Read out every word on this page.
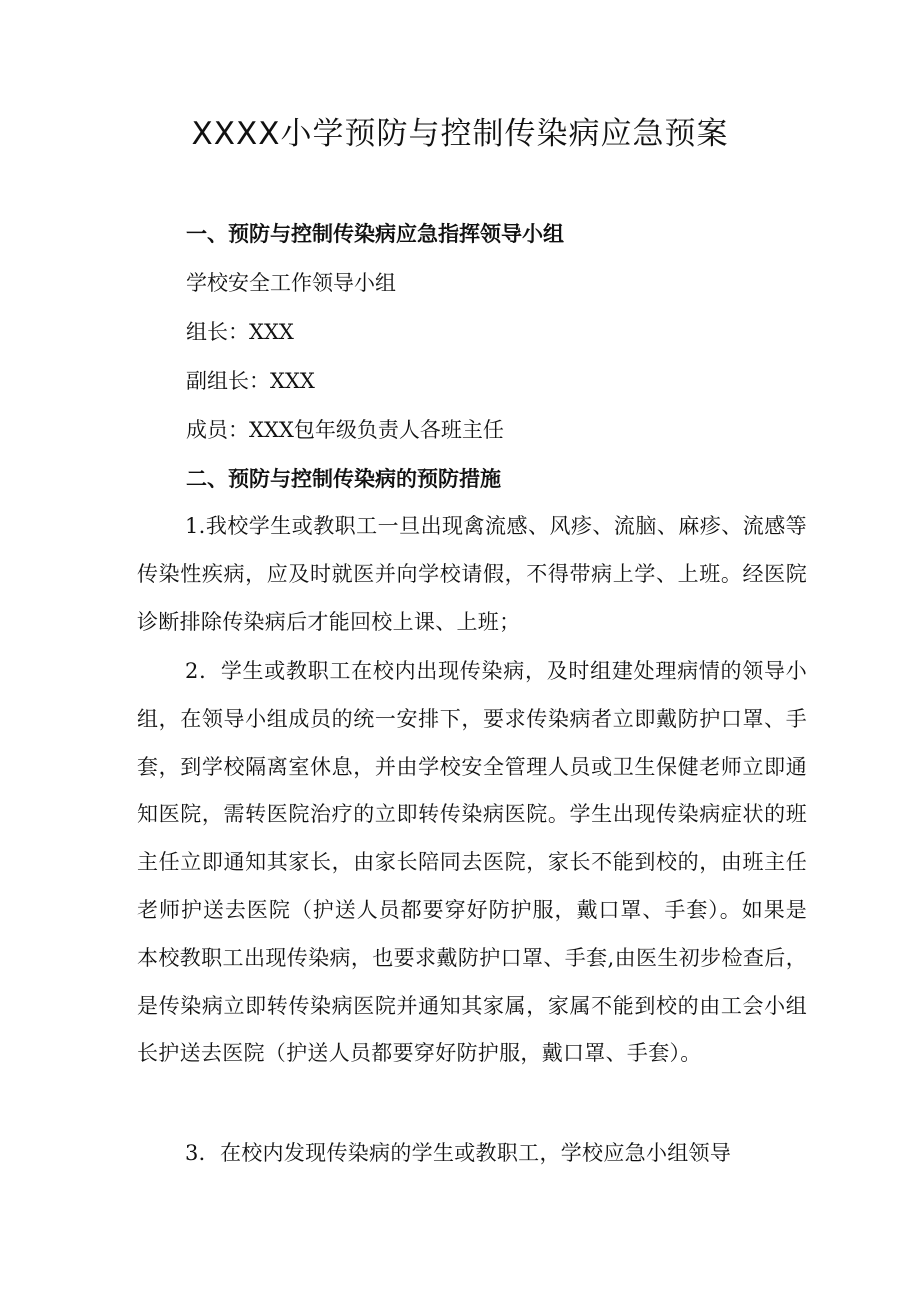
XXXX小学预防与控制传染病应急预案
一、预防与控制传染病应急指挥领导小组
学校安全工作领导小组
组长：XXX
副组长：XXX
成员：XXX包年级负责人各班主任
二、预防与控制传染病的预防措施
1.我校学生或教职工一旦出现禽流感、风疹、流脑、麻疹、流感等传染性疾病，应及时就医并向学校请假，不得带病上学、上班。经医院诊断排除传染病后才能回校上课、上班；
2．学生或教职工在校内出现传染病，及时组建处理病情的领导小组，在领导小组成员的统一安排下，要求传染病者立即戴防护口罩、手套，到学校隔离室休息，并由学校安全管理人员或卫生保健老师立即通知医院，需转医院治疗的立即转传染病医院。学生出现传染病症状的班主任立即通知其家长，由家长陪同去医院，家长不能到校的，由班主任老师护送去医院（护送人员都要穿好防护服，戴口罩、手套）。如果是本校教职工出现传染病，也要求戴防护口罩、手套,由医生初步检查后，是传染病立即转传染病医院并通知其家属，家属不能到校的由工会小组长护送去医院（护送人员都要穿好防护服，戴口罩、手套）。
3．在校内发现传染病的学生或教职工，学校应急小组领导
